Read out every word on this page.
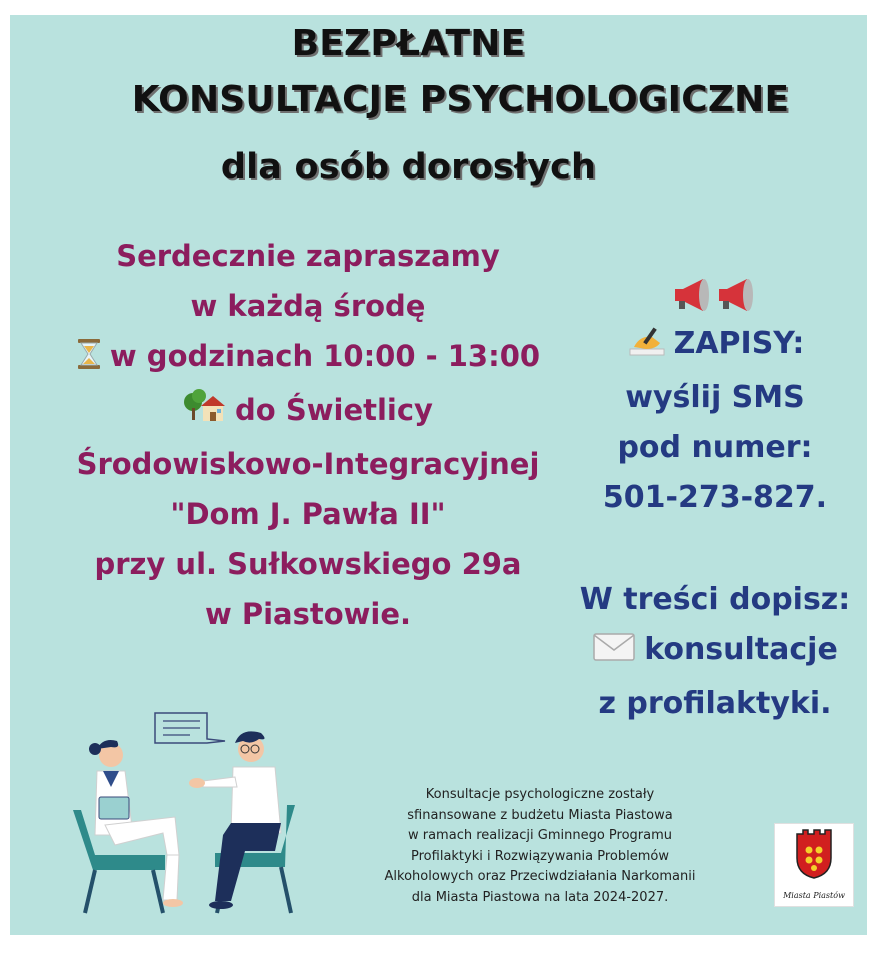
BEZPŁATNE
KONSULTACJE PSYCHOLOGICZNE
dla osób dorosłych
Serdecznie zapraszamy
w każdą środę
w godzinach 10:00 - 13:00
do Świetlicy
Środowiskowo-Integracyjnej
"Dom J. Pawła II"
przy ul. Sułkowskiego 29a
w Piastowie.
ZAPISY:
wyślij SMS
pod numer:
501-273-827.
W treści dopisz:
konsultacje
z profilaktyki.
Konsultacje psychologiczne zostały
sfinansowane z budżetu Miasta Piastowa
w ramach realizacji Gminnego Programu
Profilaktyki i Rozwiązywania Problemów
Alkoholowych oraz Przeciwdziałania Narkomanii
dla Miasta Piastowa na lata 2024-2027.	Miasta Piastów
